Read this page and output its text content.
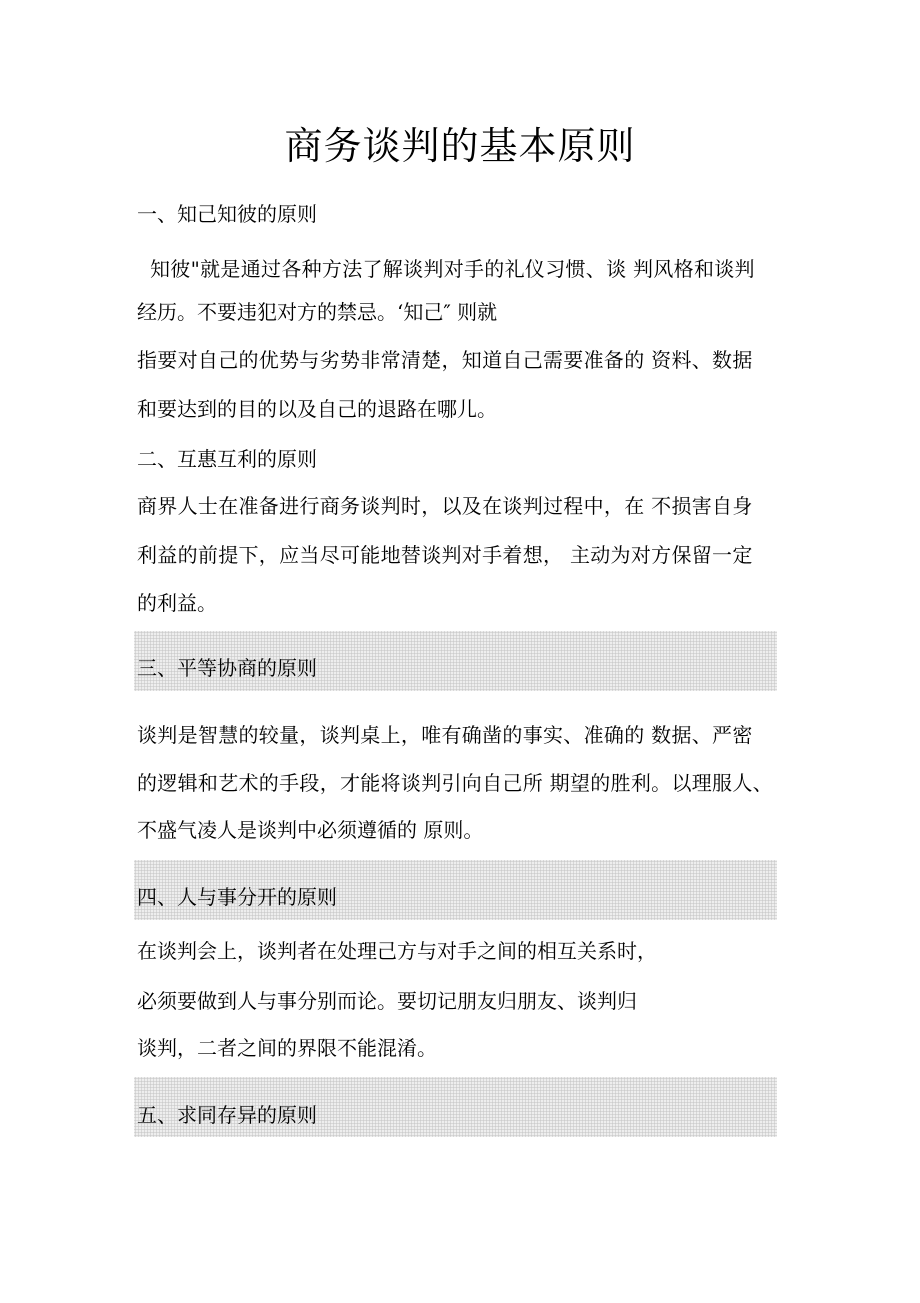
商务谈判的基本原则
一、知己知彼的原则
知彼"就是通过各种方法了解谈判对手的礼仪习惯、谈 判风格和谈判
经历。不要违犯对方的禁忌。‘知己″ 则就
指要对自己的优势与劣势非常清楚，知道自己需要准备的 资料、数据
和要达到的目的以及自己的退路在哪儿。
二、互惠互利的原则
商界人士在准备进行商务谈判时，以及在谈判过程中，在 不损害自身
利益的前提下，应当尽可能地替谈判对手着想， 主动为对方保留一定
的利益。
三、平等协商的原则
谈判是智慧的较量，谈判桌上，唯有确凿的事实、准确的 数据、严密
的逻辑和艺术的手段，才能将谈判引向自己所 期望的胜利。以理服人、
不盛气凌人是谈判中必须遵循的 原则。
四、人与事分开的原则
在谈判会上，谈判者在处理己方与对手之间的相互关系时，
必须要做到人与事分别而论。要切记朋友归朋友、谈判归
谈判，二者之间的界限不能混淆。
五、求同存异的原则
